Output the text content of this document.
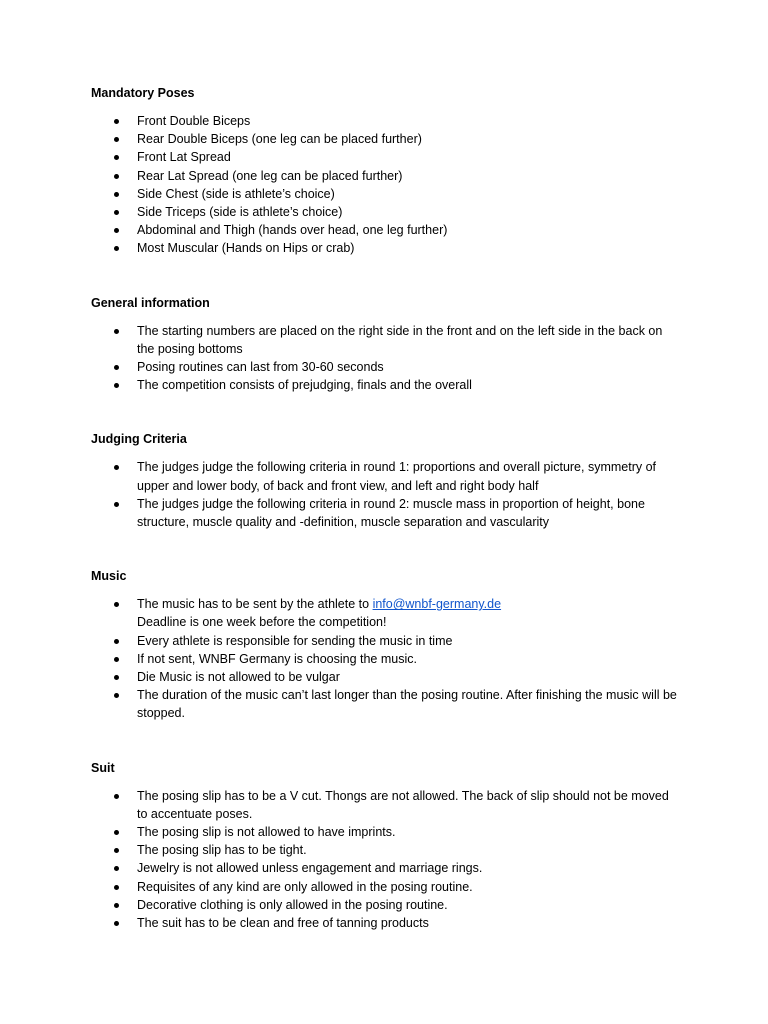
Mandatory Poses
Front Double Biceps
Rear Double Biceps (one leg can be placed further)
Front Lat Spread
Rear Lat Spread (one leg can be placed further)
Side Chest (side is athlete’s choice)
Side Triceps (side is athlete’s choice)
Abdominal and Thigh (hands over head, one leg further)
Most Muscular (Hands on Hips or crab)
General information
The starting numbers are placed on the right side in the front and on the left side in the back on the posing bottoms
Posing routines can last from 30-60 seconds
The competition consists of prejudging, finals and the overall
Judging Criteria
The judges judge the following criteria in round 1: proportions and overall picture, symmetry of upper and lower body, of back and front view, and left and right body half
The judges judge the following criteria in round 2: muscle mass in proportion of height, bone structure, muscle quality and -definition, muscle separation and vascularity
Music
The music has to be sent by the athlete to info@wnbf-germany.de
Deadline is one week before the competition!
Every athlete is responsible for sending the music in time
If not sent, WNBF Germany is choosing the music.
Die Music is not allowed to be vulgar
The duration of the music can’t last longer than the posing routine. After finishing the music will be stopped.
Suit
The posing slip has to be a V cut. Thongs are not allowed. The back of slip should not be moved to accentuate poses.
The posing slip is not allowed to have imprints.
The posing slip has to be tight.
Jewelry is not allowed unless engagement and marriage rings.
Requisites of any kind are only allowed in the posing routine.
Decorative clothing is only allowed in the posing routine.
The suit has to be clean and free of tanning products
